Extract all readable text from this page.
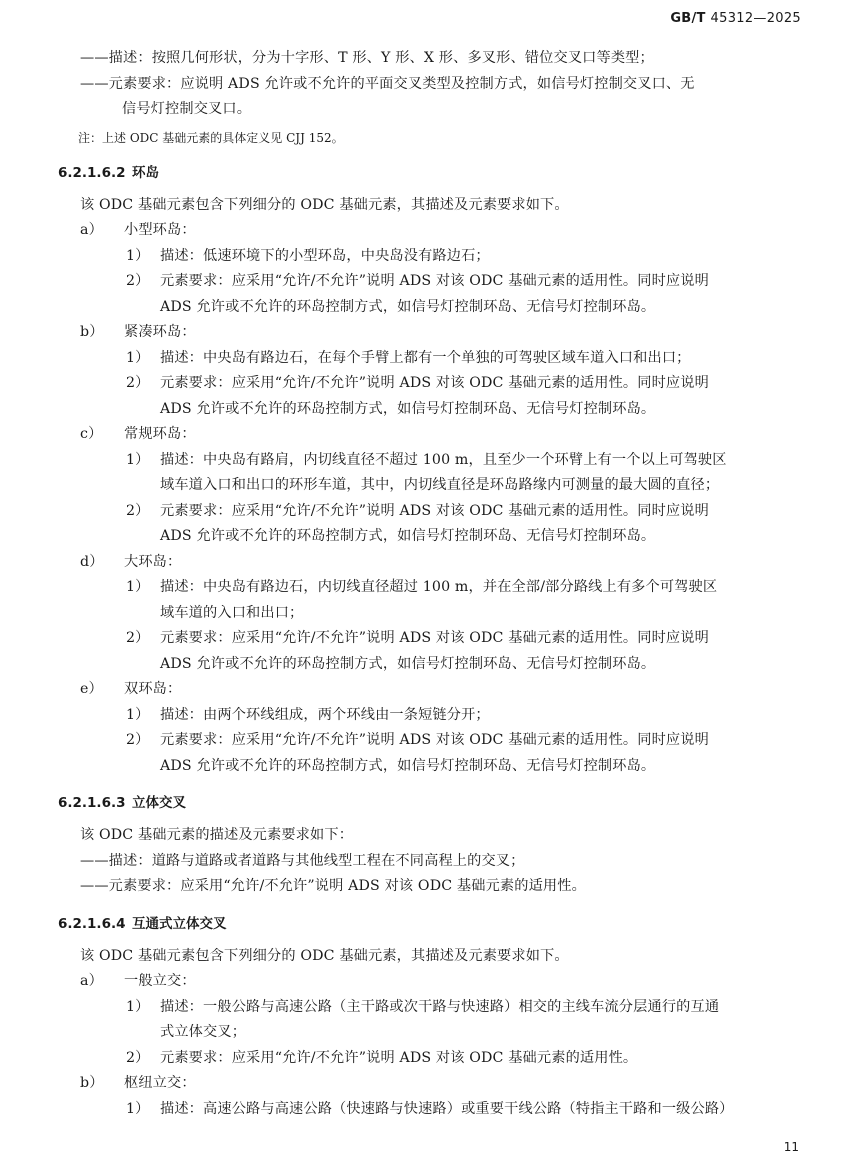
GB/T 45312—2025
——描述：按照几何形状，分为十字形、T 形、Y 形、X 形、多叉形、错位交叉口等类型；
——元素要求：应说明 ADS 允许或不允许的平面交叉类型及控制方式，如信号灯控制交叉口、无
信号灯控制交叉口。
注：上述 ODC 基础元素的具体定义见 CJJ 152。
6.2.1.6.2 环岛
该 ODC 基础元素包含下列细分的 ODC 基础元素，其描述及元素要求如下。
a） 小型环岛：
1） 描述：低速环境下的小型环岛，中央岛没有路边石；
2） 元素要求：应采用“允许/不允许”说明 ADS 对该 ODC 基础元素的适用性。同时应说明
ADS 允许或不允许的环岛控制方式，如信号灯控制环岛、无信号灯控制环岛。
b） 紧凑环岛：
1） 描述：中央岛有路边石，在每个手臂上都有一个单独的可驾驶区域车道入口和出口；
2） 元素要求：应采用“允许/不允许”说明 ADS 对该 ODC 基础元素的适用性。同时应说明
ADS 允许或不允许的环岛控制方式，如信号灯控制环岛、无信号灯控制环岛。
c） 常规环岛：
1） 描述：中央岛有路肩，内切线直径不超过 100 m，且至少一个环臂上有一个以上可驾驶区
域车道入口和出口的环形车道，其中，内切线直径是环岛路缘内可测量的最大圆的直径；
2） 元素要求：应采用“允许/不允许”说明 ADS 对该 ODC 基础元素的适用性。同时应说明
ADS 允许或不允许的环岛控制方式，如信号灯控制环岛、无信号灯控制环岛。
d） 大环岛：
1） 描述：中央岛有路边石，内切线直径超过 100 m，并在全部/部分路线上有多个可驾驶区
域车道的入口和出口；
2） 元素要求：应采用“允许/不允许”说明 ADS 对该 ODC 基础元素的适用性。同时应说明
ADS 允许或不允许的环岛控制方式，如信号灯控制环岛、无信号灯控制环岛。
e） 双环岛：
1） 描述：由两个环线组成，两个环线由一条短链分开；
2） 元素要求：应采用“允许/不允许”说明 ADS 对该 ODC 基础元素的适用性。同时应说明
ADS 允许或不允许的环岛控制方式，如信号灯控制环岛、无信号灯控制环岛。
6.2.1.6.3 立体交叉
该 ODC 基础元素的描述及元素要求如下：
——描述：道路与道路或者道路与其他线型工程在不同高程上的交叉；
——元素要求：应采用“允许/不允许”说明 ADS 对该 ODC 基础元素的适用性。
6.2.1.6.4 互通式立体交叉
该 ODC 基础元素包含下列细分的 ODC 基础元素，其描述及元素要求如下。
a） 一般立交：
1） 描述：一般公路与高速公路（主干路或次干路与快速路）相交的主线车流分层通行的互通
式立体交叉；
2） 元素要求：应采用“允许/不允许”说明 ADS 对该 ODC 基础元素的适用性。
b） 枢纽立交：
1） 描述：高速公路与高速公路（快速路与快速路）或重要干线公路（特指主干路和一级公路）
11
